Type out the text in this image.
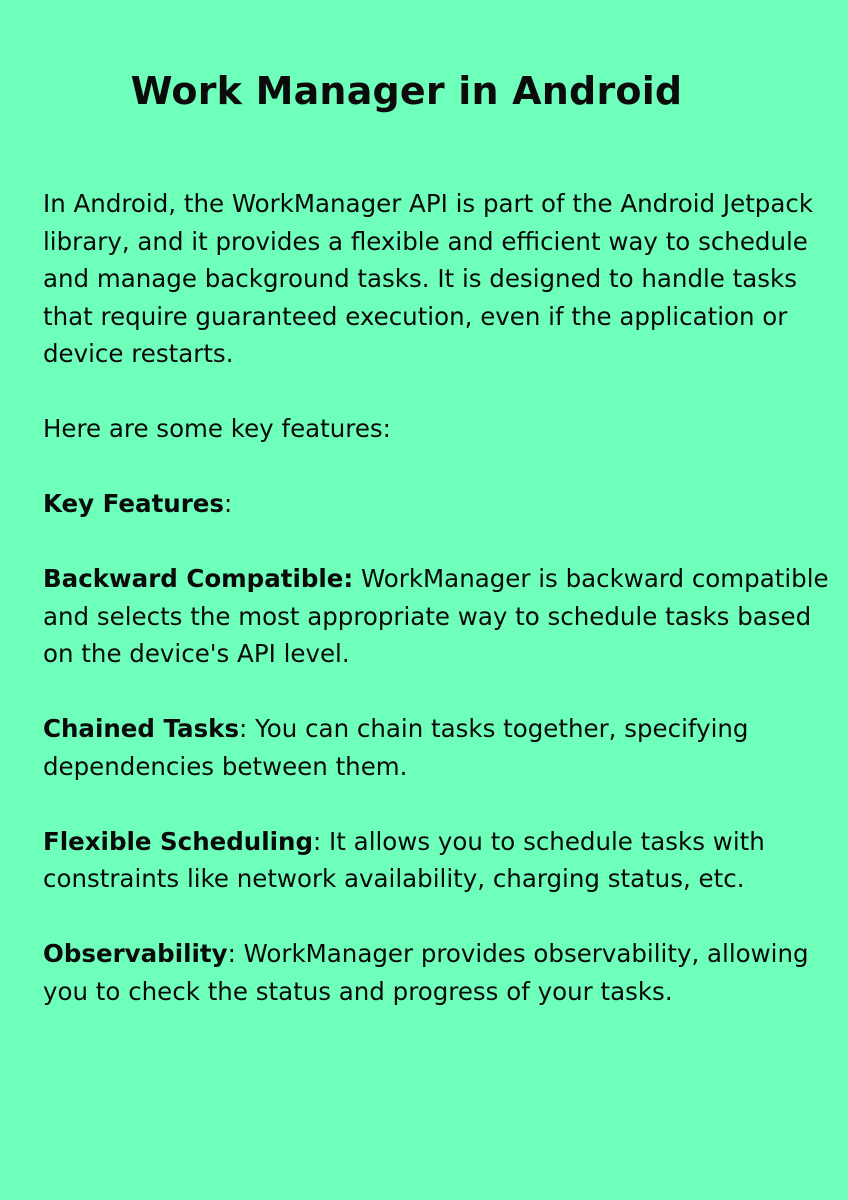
Work Manager in Android

In Android, the WorkManager API is part of the Android Jetpack library, and it provides a flexible and efficient way to schedule and manage background tasks. It is designed to handle tasks that require guaranteed execution, even if the application or device restarts.

Here are some key features:

Key Features:

Backward Compatible: WorkManager is backward compatible and selects the most appropriate way to schedule tasks based on the device's API level.

Chained Tasks: You can chain tasks together, specifying dependencies between them.

Flexible Scheduling: It allows you to schedule tasks with constraints like network availability, charging status, etc.

Observability: WorkManager provides observability, allowing you to check the status and progress of your tasks.
